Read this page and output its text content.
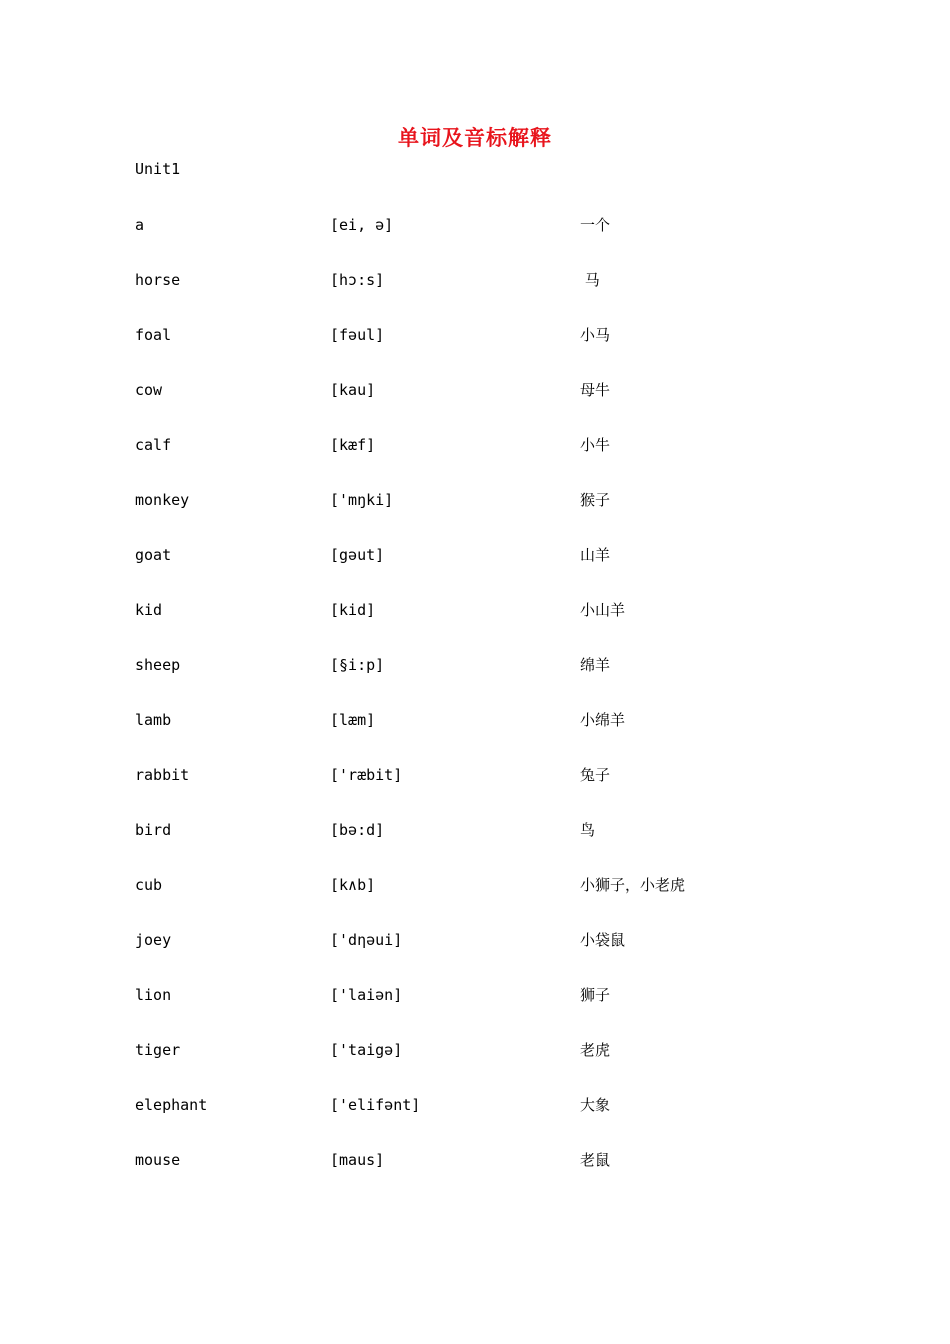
单词及音标解释
Unit1
a	[ei, ə]	一个
horse	[hɔ:s]	马
foal	[fəul]	小马
cow	[kau]	母牛
calf	[kæf]	小牛
monkey	['mŋki]	猴子
goat	[gəut]	山羊
kid	[kid]	小山羊
sheep	[§i:p]	绵羊
lamb	[læm]	小绵羊
rabbit	['ræbit]	兔子
bird	[bə:d]	鸟
cub	[k∧b]	小狮子，小老虎
joey	['dηəui]	小袋鼠
lion	['laiən]	狮子
tiger	['taigə]	老虎
elephant	['elifənt]	大象
mouse	[maus]	老鼠
